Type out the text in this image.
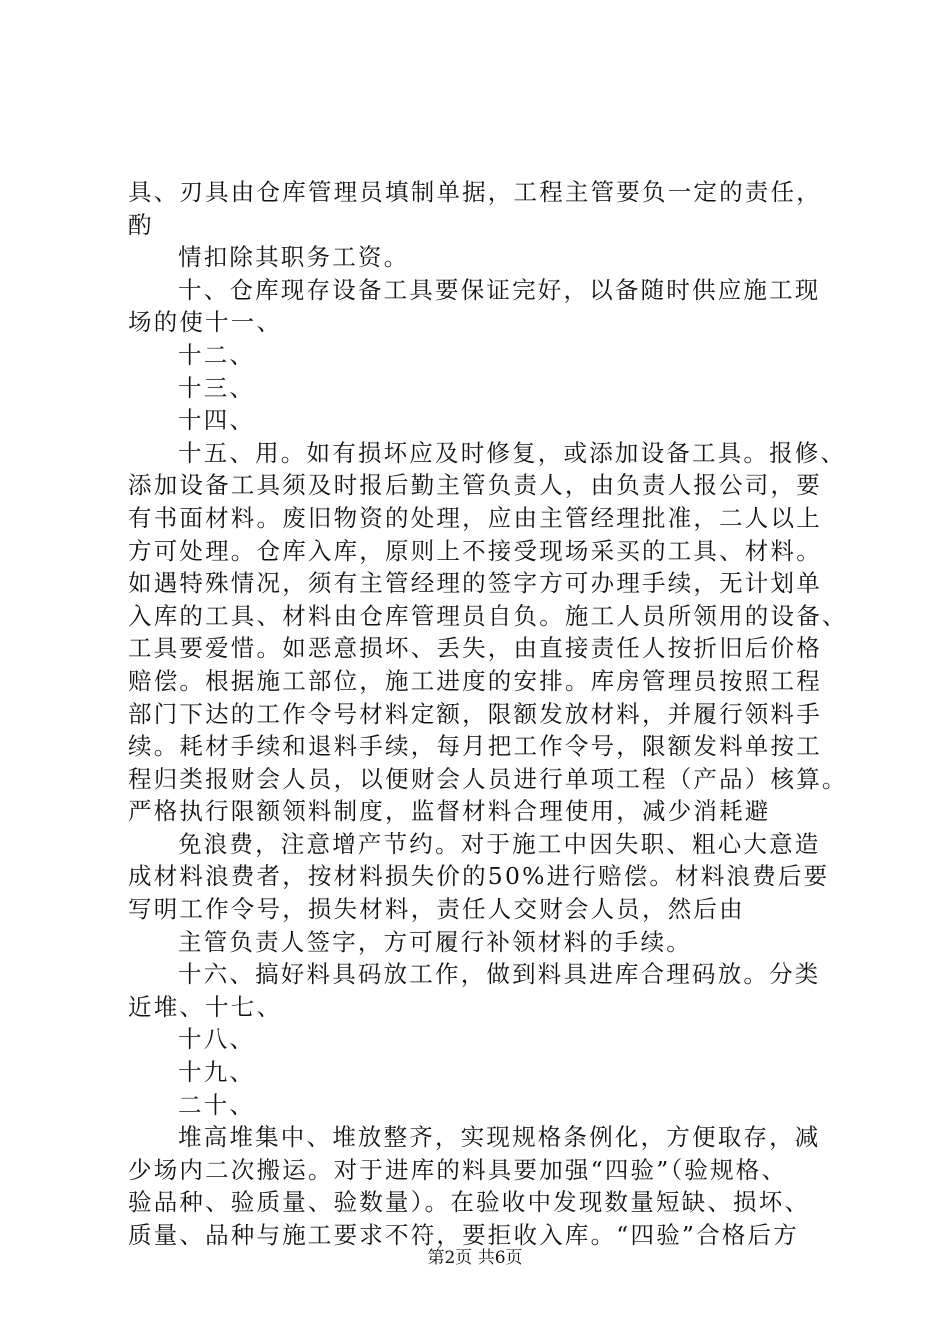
具、刃具由仓库管理员填制单据，工程主管要负一定的责任，
酌
情扣除其职务工资。
十、仓库现存设备工具要保证完好，以备随时供应施工现
场的使十一、
十二、
十三、
十四、
十五、用。如有损坏应及时修复，或添加设备工具。报修、
添加设备工具须及时报后勤主管负责人，由负责人报公司，要
有书面材料。废旧物资的处理，应由主管经理批准，二人以上
方可处理。仓库入库，原则上不接受现场采买的工具、材料。
如遇特殊情况，须有主管经理的签字方可办理手续，无计划单
入库的工具、材料由仓库管理员自负。施工人员所领用的设备、
工具要爱惜。如恶意损坏、丢失，由直接责任人按折旧后价格
赔偿。根据施工部位，施工进度的安排。库房管理员按照工程
部门下达的工作令号材料定额，限额发放材料，并履行领料手
续。耗材手续和退料手续，每月把工作令号，限额发料单按工
程归类报财会人员，以便财会人员进行单项工程（产品）核算。
严格执行限额领料制度，监督材料合理使用，减少消耗避
免浪费，注意增产节约。对于施工中因失职、粗心大意造
成材料浪费者，按材料损失价的50%进行赔偿。材料浪费后要
写明工作令号，损失材料，责任人交财会人员，然后由
主管负责人签字，方可履行补领材料的手续。
十六、搞好料具码放工作，做到料具进库合理码放。分类
近堆、十七、
十八、
十九、
二十、
堆高堆集中、堆放整齐，实现规格条例化，方便取存，减
少场内二次搬运。对于进库的料具要加强“四验”（验规格、
验品种、验质量、验数量）。在验收中发现数量短缺、损坏、
质量、品种与施工要求不符，要拒收入库。“四验”合格后方
第2页 共6页
